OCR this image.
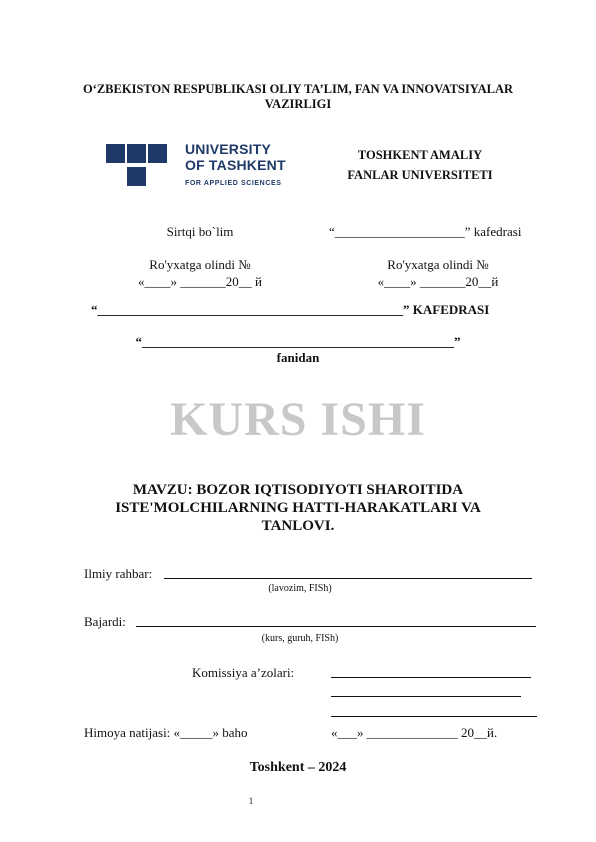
O‘ZBEKISTON RESPUBLIKASI OLIY TA’LIM, FAN VA INNOVATSIYALAR VAZIRLIGI
UNIVERSITY
OF TASHKENT
FOR APPLIED SCIENCES
TOSHKENT AMALIY
FANLAR UNIVERSITETI
Sirtqi bo`lim	“____________________” kafedrasi
Ro'yxatga olindi №
«____» _______20__ й
Ro'yxatga olindi №
«____» _______20__й
“_______________________________________________” KAFEDRASI
“________________________________________________”
fanidan
KURS ISHI
MAVZU: BOZOR IQTISODIYOTI SHAROITIDA ISTE'MOLCHILARNING HATTI-HARAKATLARI VA TANLOVI.
Ilmiy rahbar:
(lavozim, FISh)
Bajardi:
(kurs, guruh, FISh)
Komissiya a’zolari:
Himoya natijasi: «_____» baho	«___» ______________ 20__й.
Toshkent – 2024
1
